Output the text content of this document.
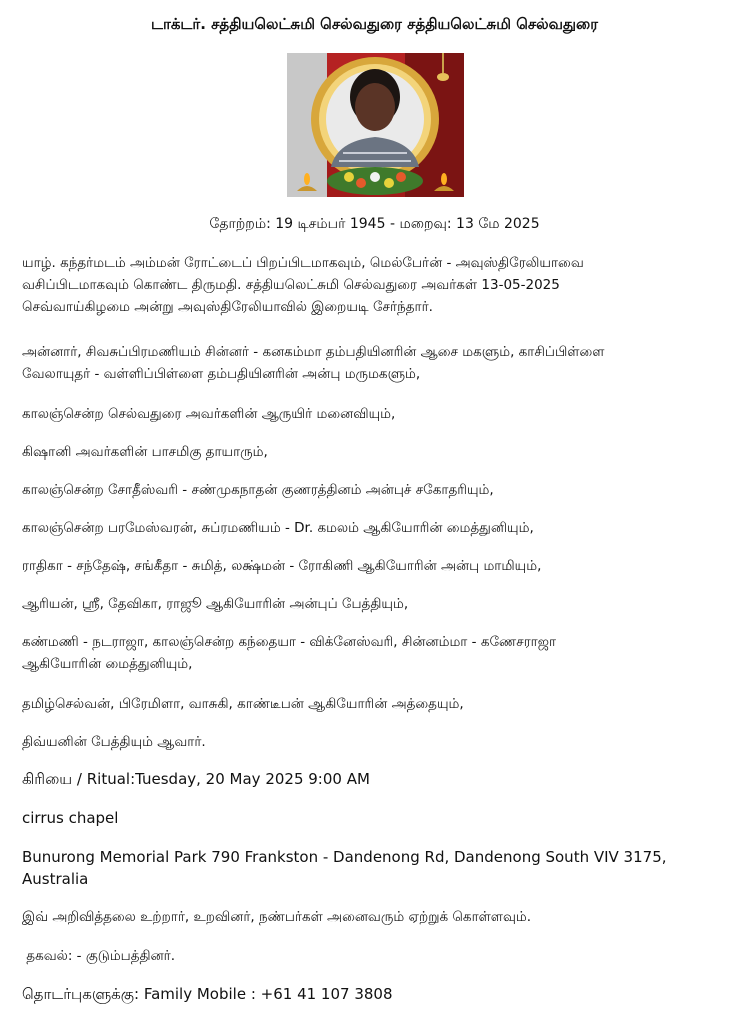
டாக்டர். சத்தியலெட்சுமி செல்வதுரை சத்தியலெட்சுமி செல்வதுரை
தோற்றம்: 19 டிசம்பர் 1945 - மறைவு: 13 மே 2025

யாழ். கந்தர்மடம் அம்மன் ரோட்டைப் பிறப்பிடமாகவும், மெல்பேர்ன் - அவுஸ்திரேலியாவை
வசிப்பிடமாகவும் கொண்ட திருமதி. சத்தியலெட்சுமி செல்வதுரை அவர்கள் 13-05-2025
செவ்வாய்கிழமை அன்று அவுஸ்திரேலியாவில் இறையடி சேர்ந்தார்.

அன்னார், சிவசுப்பிரமணியம் சின்னர் - கனகம்மா தம்பதியினரின் ஆசை மகளும், காசிப்பிள்ளை
வேலாயுதர் - வள்ளிப்பிள்ளை தம்பதியினரின் அன்பு மருமகளும்,

காலஞ்சென்ற செல்வதுரை அவர்களின் ஆருயிர் மனைவியும்,

கிஷானி அவர்களின் பாசமிகு தாயாரும்,

காலஞ்சென்ற சோதீஸ்வரி - சண்முகநாதன் குணரத்தினம் அன்புச் சகோதரியும்,

காலஞ்சென்ற பரமேஸ்வரன், சுப்ரமணியம் - Dr. கமலம் ஆகியோரின் மைத்துனியும்,

ராதிகா - சந்தேஷ், சங்கீதா - சுமித், லக்ஷ்மன் - ரோகிணி ஆகியோரின் அன்பு மாமியும்,

ஆரியன், ஸ்ரீ, தேவிகா, ராஜூ ஆகியோரின் அன்புப் பேத்தியும்,

கண்மணி - நடராஜா, காலஞ்சென்ற கந்தையா - விக்னேஸ்வரி, சின்னம்மா - கணேசராஜா
ஆகியோரின் மைத்துனியும்,

தமிழ்செல்வன், பிரேமிளா, வாசுகி, காண்டீபன் ஆகியோரின் அத்தையும்,

திவ்யனின் பேத்தியும் ஆவார்.

கிரியை / Ritual:Tuesday, 20 May 2025 9:00 AM

cirrus chapel

Bunurong Memorial Park 790 Frankston - Dandenong Rd, Dandenong South VIV 3175,
Australia

இவ் அறிவித்தலை உற்றார், உறவினர், நண்பர்கள் அனைவரும் ஏற்றுக் கொள்ளவும்.

தகவல்: - குடும்பத்தினர்.

தொடர்புகளுக்கு: Family Mobile : +61 41 107 3808
